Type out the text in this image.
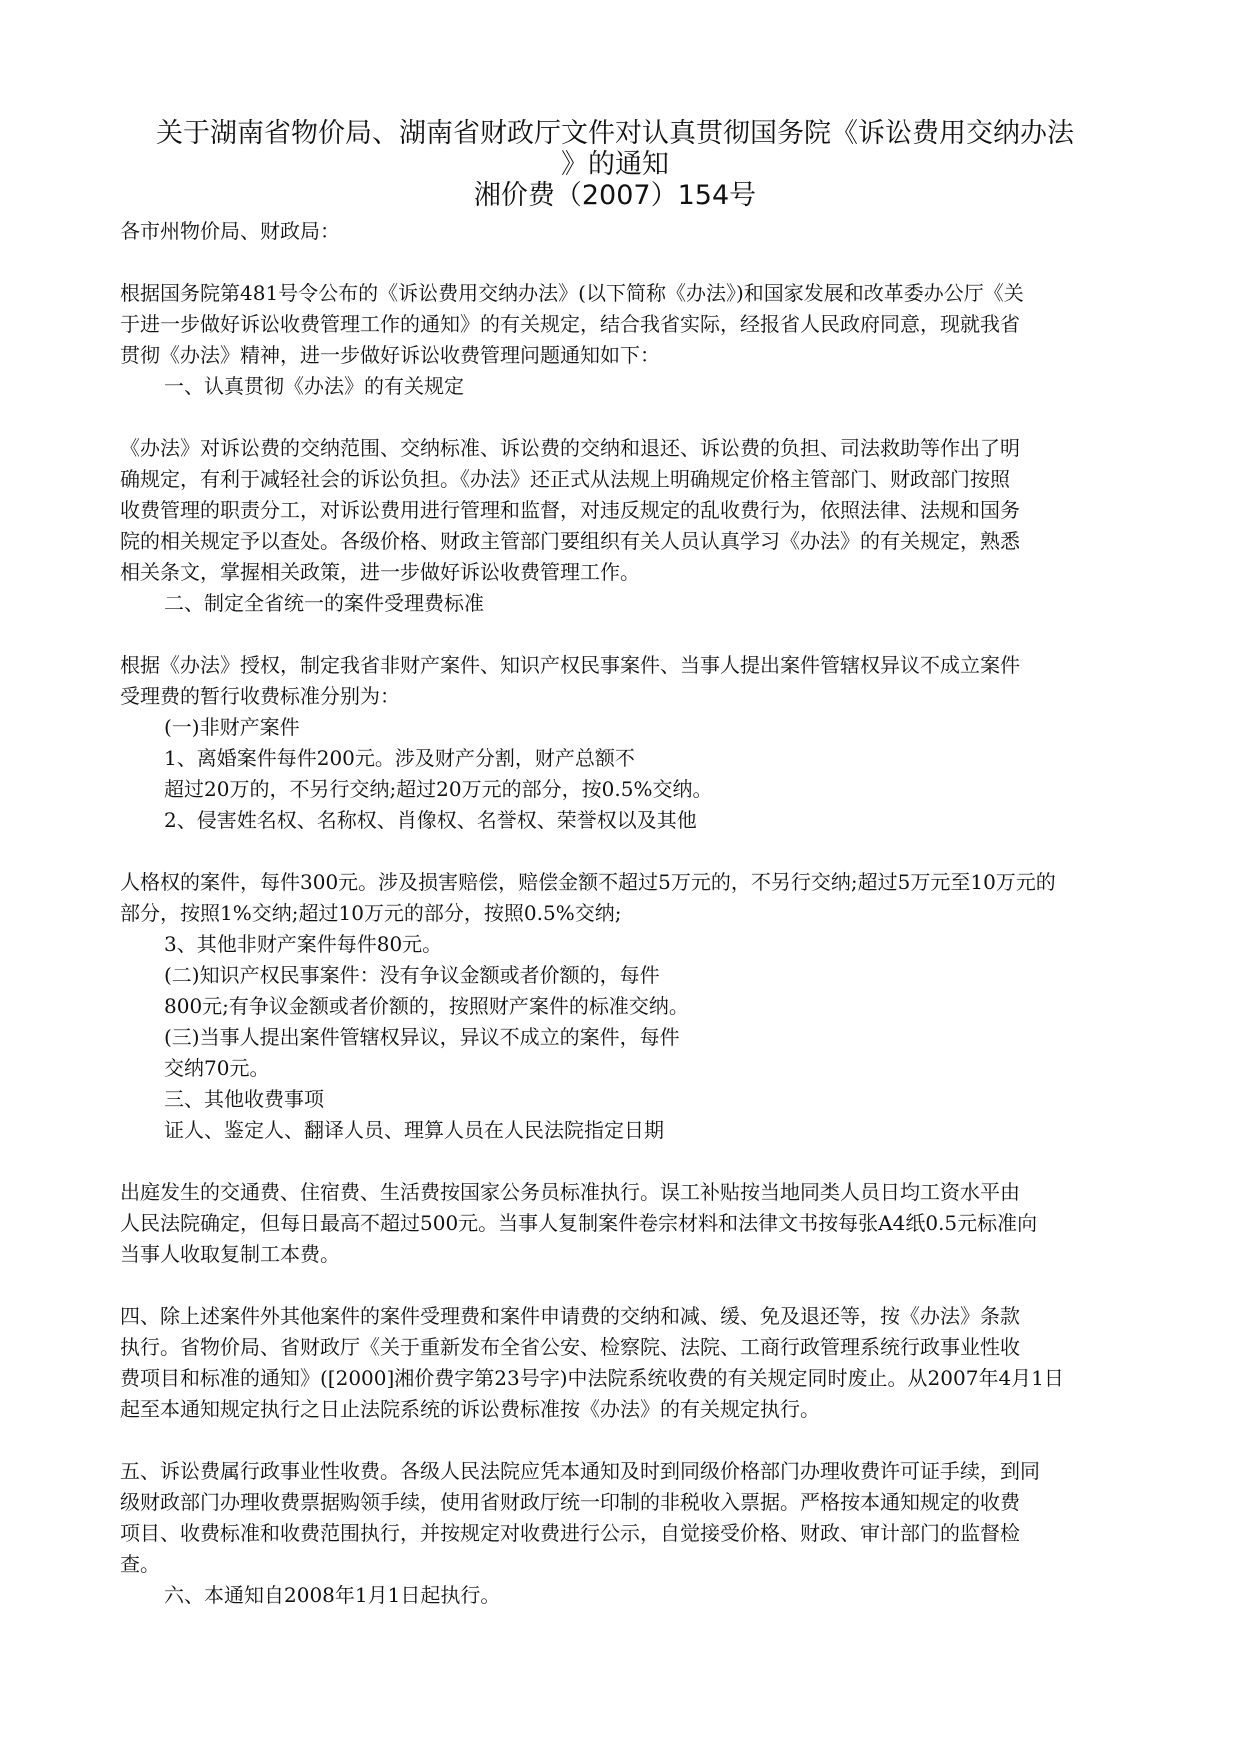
关于湖南省物价局、湖南省财政厅文件对认真贯彻国务院《诉讼费用交纳办法
》的通知
湘价费（2007）154号

各市州物价局、财政局：

根据国务院第481号令公布的《诉讼费用交纳办法》(以下简称《办法》)和国家发展和改革委办公厅《关

于进一步做好诉讼收费管理工作的通知》的有关规定，结合我省实际，经报省人民政府同意，现就我省

贯彻《办法》精神，进一步做好诉讼收费管理问题通知如下：

一、认真贯彻《办法》的有关规定

《办法》对诉讼费的交纳范围、交纳标准、诉讼费的交纳和退还、诉讼费的负担、司法救助等作出了明

确规定，有利于减轻社会的诉讼负担。《办法》还正式从法规上明确规定价格主管部门、财政部门按照

收费管理的职责分工，对诉讼费用进行管理和监督，对违反规定的乱收费行为，依照法律、法规和国务

院的相关规定予以查处。各级价格、财政主管部门要组织有关人员认真学习《办法》的有关规定，熟悉

相关条文，掌握相关政策，进一步做好诉讼收费管理工作。

二、制定全省统一的案件受理费标准

根据《办法》授权，制定我省非财产案件、知识产权民事案件、当事人提出案件管辖权异议不成立案件

受理费的暂行收费标准分别为：

(一)非财产案件

1、离婚案件每件200元。涉及财产分割，财产总额不

超过20万的，不另行交纳;超过20万元的部分，按0.5%交纳。

2、侵害姓名权、名称权、肖像权、名誉权、荣誉权以及其他

人格权的案件，每件300元。涉及损害赔偿，赔偿金额不超过5万元的，不另行交纳;超过5万元至10万元的

部分，按照1%交纳;超过10万元的部分，按照0.5%交纳;

3、其他非财产案件每件80元。

(二)知识产权民事案件：没有争议金额或者价额的，每件

800元;有争议金额或者价额的，按照财产案件的标准交纳。

(三)当事人提出案件管辖权异议，异议不成立的案件，每件

交纳70元。

三、其他收费事项

证人、鉴定人、翻译人员、理算人员在人民法院指定日期

出庭发生的交通费、住宿费、生活费按国家公务员标准执行。误工补贴按当地同类人员日均工资水平由

人民法院确定，但每日最高不超过500元。当事人复制案件卷宗材料和法律文书按每张A4纸0.5元标准向

当事人收取复制工本费。

四、除上述案件外其他案件的案件受理费和案件申请费的交纳和减、缓、免及退还等，按《办法》条款

执行。省物价局、省财政厅《关于重新发布全省公安、检察院、法院、工商行政管理系统行政事业性收

费项目和标准的通知》([2000]湘价费字第23号字)中法院系统收费的有关规定同时废止。从2007年4月1日

起至本通知规定执行之日止法院系统的诉讼费标准按《办法》的有关规定执行。

五、诉讼费属行政事业性收费。各级人民法院应凭本通知及时到同级价格部门办理收费许可证手续，到同

级财政部门办理收费票据购领手续，使用省财政厅统一印制的非税收入票据。严格按本通知规定的收费

项目、收费标准和收费范围执行，并按规定对收费进行公示，自觉接受价格、财政、审计部门的监督检

查。

六、本通知自2008年1月1日起执行。
